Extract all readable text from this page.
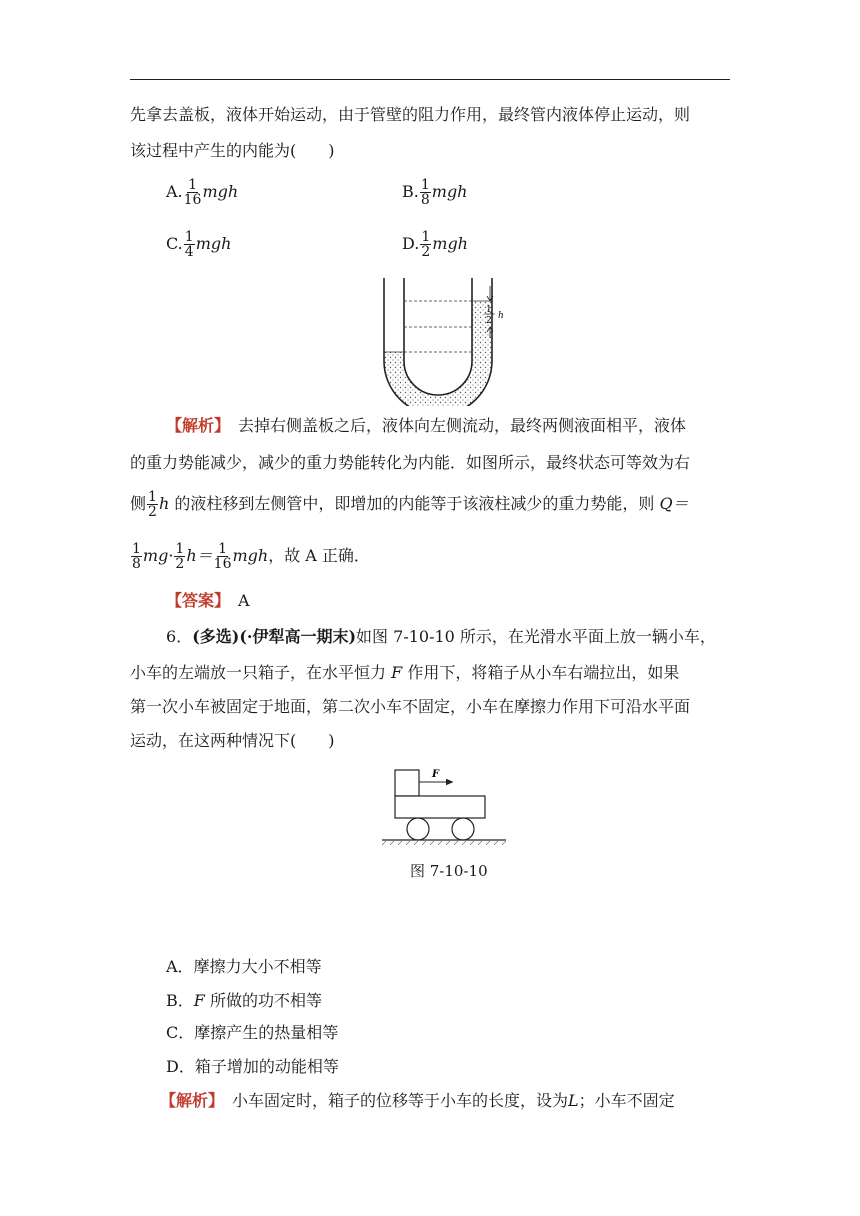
先拿去盖板，液体开始运动，由于管壁的阻力作用，最终管内液体停止运动，则
该过程中产生的内能为(　　)
A. $\frac{1}{16}$ mgh	B. $\frac{1}{8}$ mgh
C. $\frac{1}{4}$ mgh	D. $\frac{1}{2}$ mgh
1
2 h
【解析】　 去掉右侧盖板之后，液体向左侧流动，最终两侧液面相平，液体
的重力势能减少，减少的重力势能转化为内能．如图所示，最终状态可等效为右
侧 $\frac{1}{2}$ h 的液柱移到左侧管中，即增加的内能等于该液柱减少的重力势能，则 Q＝
$\frac{1}{8} mg\cdot \frac{1}{2} h= \frac{1}{16}$ mgh，故 A 正确．
【答案】　 A
6．(多选)(·伊犁高一期末)如图 7-10-10 所示，在光滑水平面上放一辆小车，
小车的左端放一只箱子，在水平恒力 F 作用下，将箱子从小车右端拉出，如果
第一次小车被固定于地面，第二次小车不固定，小车在摩擦力作用下可沿水平面
运动，在这两种情况下(　　)
F
图 7-10-10
A．摩擦力大小不相等
B．F 所做的功不相等
C．摩擦产生的热量相等
D．箱子增加的动能相等
【解析】　 小车固定时，箱子的位移等于小车的长度，设为L；小车不固定
